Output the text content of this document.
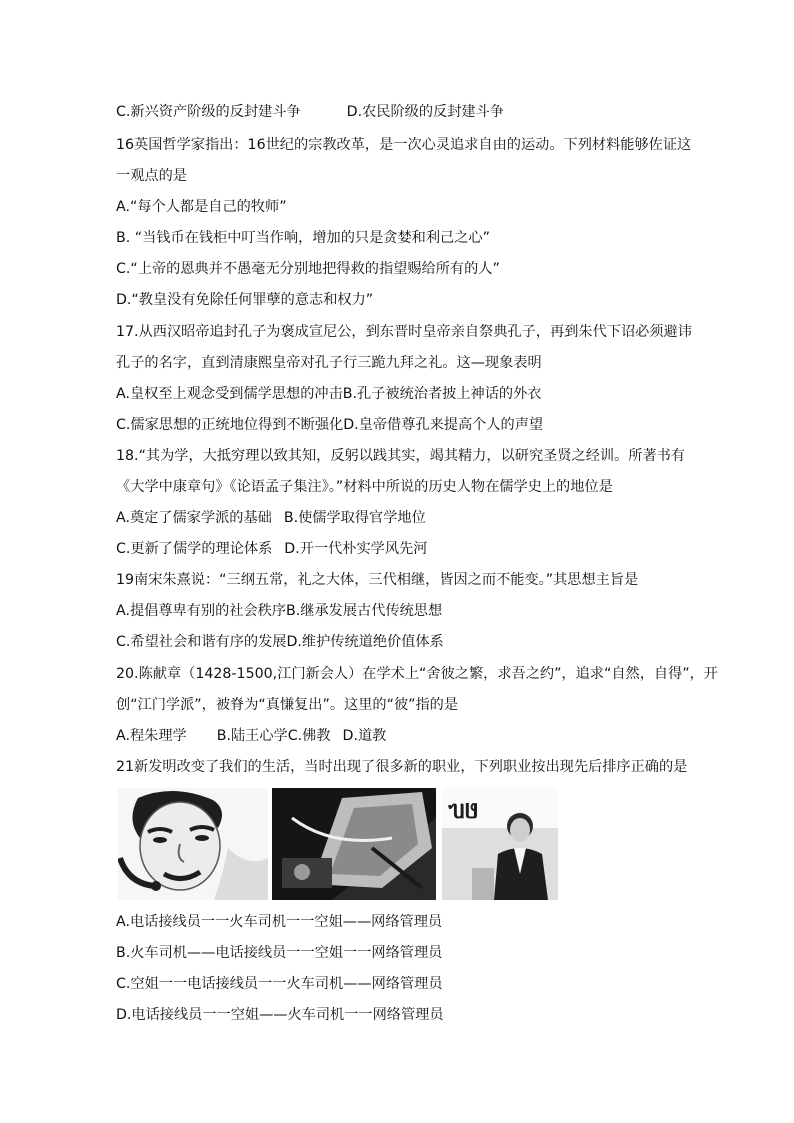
C.新兴资产阶级的反封建斗争	D.农民阶级的反封建斗争
16英国哲学家指出：16世纪的宗教改革，是一次心灵追求自由的运动。下列材料能够佐证这
一观点的是
A.“每个人都是自己的牧师”
B. “当钱币在钱柜中叮当作响，增加的只是贪婪和利己之心”
C.“上帝的恩典并不愚毫无分别地把得救的指望赐给所有的人”
D.“教皇没有免除任何罪孽的意志和权力”
17.从西汉昭帝追封孔子为褒成宣尼公，到东晋时皇帝亲自祭典孔子，再到朱代下诏必须避讳
孔子的名字，直到清康熙皇帝对孔子行三跪九拜之礼。这—现象表明
A.皇权至上观念受到儒学思想的冲击B.孔子被统治者披上神话的外衣
C.儒家思想的正统地位得到不断强化D.皇帝借尊孔来提高个人的声望
18.“其为学，大抵穷理以致其知，反躬以践其实，竭其精力，以研究圣贤之经训。所著书有
《大学中康章句》《论语孟子集注》。”材料中所说的历史人物在儒学史上的地位是
A.奠定了儒家学派的基础 B.使儒学取得官学地位
C.更新了儒学的理论体系 D.开一代朴实学风先河
19南宋朱熹说：“三纲五常，礼之大体，三代相继，皆因之而不能变。”其思想主旨是
A.提倡尊卑有别的社会秩序B.继承发展古代传统思想
C.希望社会和谐有序的发展D.维护传统道绝价值体系
20.陈献章（1428-1500,江门新会人）在学术上“舍彼之繁，求吾之约”，追求“自然，自得”，开
创“江门学派”，被脊为“真慊复出”。这里的“彼”指的是
A.程朱理学 B.陆王心学C.佛教 D.道教
21新发明改变了我们的生活，当时出现了很多新的职业，下列职业按出现先后排序正确的是
ᥔᥳ
A.电话接线员一一火车司机一一空姐——网络管理员
B.火车司机——电话接线员一一空姐一一网络管理员
C.空姐一一电话接线员一一火车司机——网络管理员
D.电话接线员一一空姐——火车司机一一网络管理员
